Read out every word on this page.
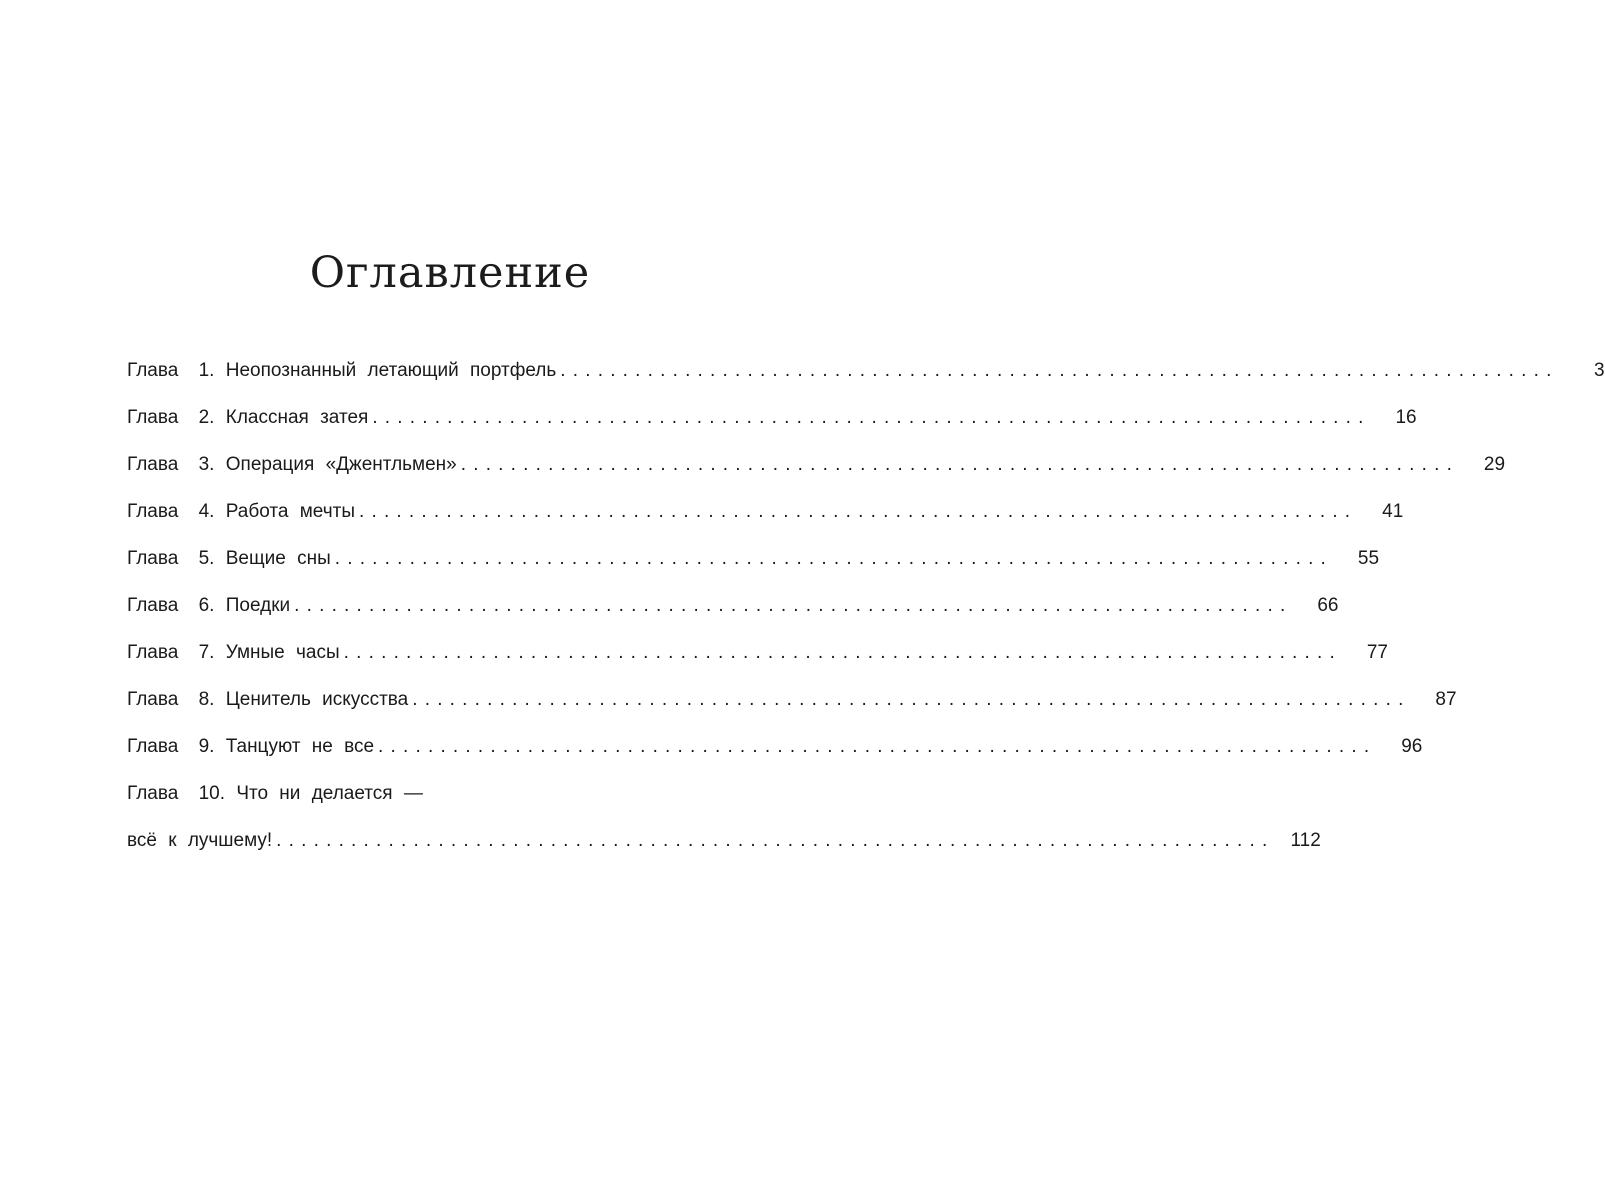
Оглавление
Глава 1. Неопознанный летающий портфель ................................................................................	3
Глава 2. Классная затея ................................................................................	16
Глава 3. Операция «Джентльмен» ................................................................................	29
Глава 4. Работа мечты ................................................................................	41
Глава 5. Вещие сны ................................................................................	55
Глава 6. Поедки ................................................................................	66
Глава 7. Умные часы ................................................................................	77
Глава 8. Ценитель искусства ................................................................................	87
Глава 9. Танцуют не все ................................................................................	96
Глава 10. Что ни делается —
всё к лучшему! ................................................................................ 112
